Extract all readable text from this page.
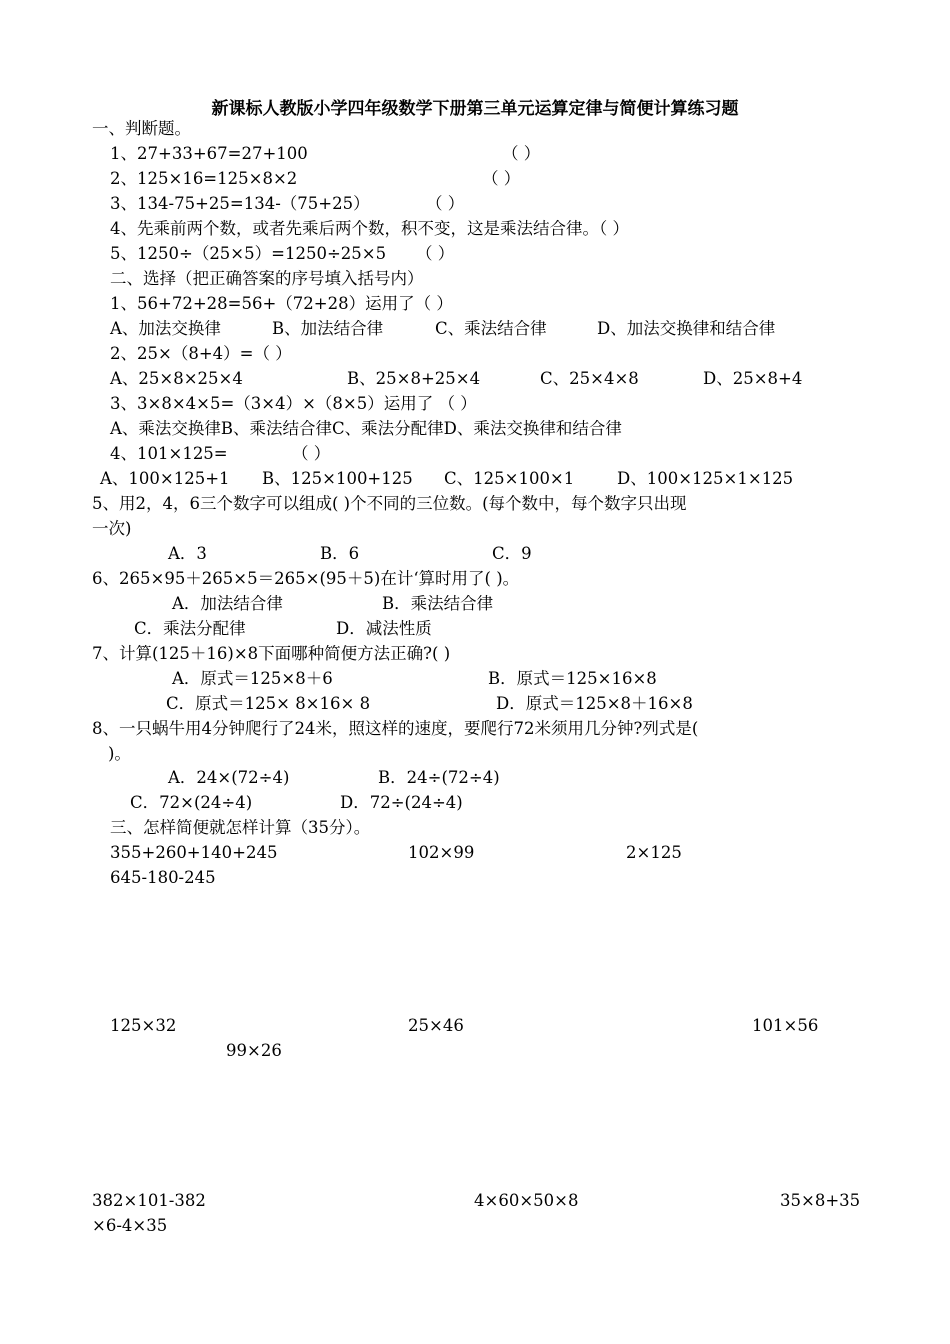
新课标人教版小学四年级数学下册第三单元运算定律与简便计算练习题
一、判断题。
1、27+33+67=27+100	（ ）
2、125×16=125×8×2	（ ）
3、134-75+25=134-（75+25）	（ ）
4、先乘前两个数，或者先乘后两个数，积不变，这是乘法结合律。（ ）
5、1250÷（25×5）=1250÷25×5 （ ）
二、选择（把正确答案的序号填入括号内）
1、56+72+28=56+（72+28）运用了（ ）
A、加法交换律	B、加法结合律	C、乘法结合律	D、加法交换律和结合律
2、25×（8+4）=（ ）
A、25×8×25×4	B、25×8+25×4	C、25×4×8	D、25×8+4
3、3×8×4×5=（3×4）×（8×5）运用了 （ ）
A、乘法交换律B、乘法结合律C、乘法分配律D、乘法交换律和结合律
4、101×125=	（ ）
A、100×125+1 B、125×100+125 C、125×100×1	D、100×125×1×125
5、用2，4，6三个数字可以组成( )个不同的三位数。(每个数中，每个数字只出现
一次)
A．3	B．6	C．9
6、265×95＋265×5＝265×(95＋5)在计‘算时用了( )。
A．加法结合律	B．乘法结合律
C．乘法分配律	D．减法性质
7、计算(125＋16)×8下面哪种简便方法正确?( )
A．原式＝125×8＋6	B．原式＝125×16×8
C．原式＝125× 8×16× 8	D．原式＝125×8＋16×8
8、一只蜗牛用4分钟爬行了24米，照这样的速度，要爬行72米须用几分钟?列式是(
)。
A．24×(72÷4)	B．24÷(72÷4)
C．72×(24÷4)	D．72÷(24÷4)
三、怎样简便就怎样计算（35分）。
355+260+140+245	102×99	2×125
645-180-245
125×32	25×46	101×56
99×26
382×101-382	4×60×50×8	35×8+35
×6-4×35
